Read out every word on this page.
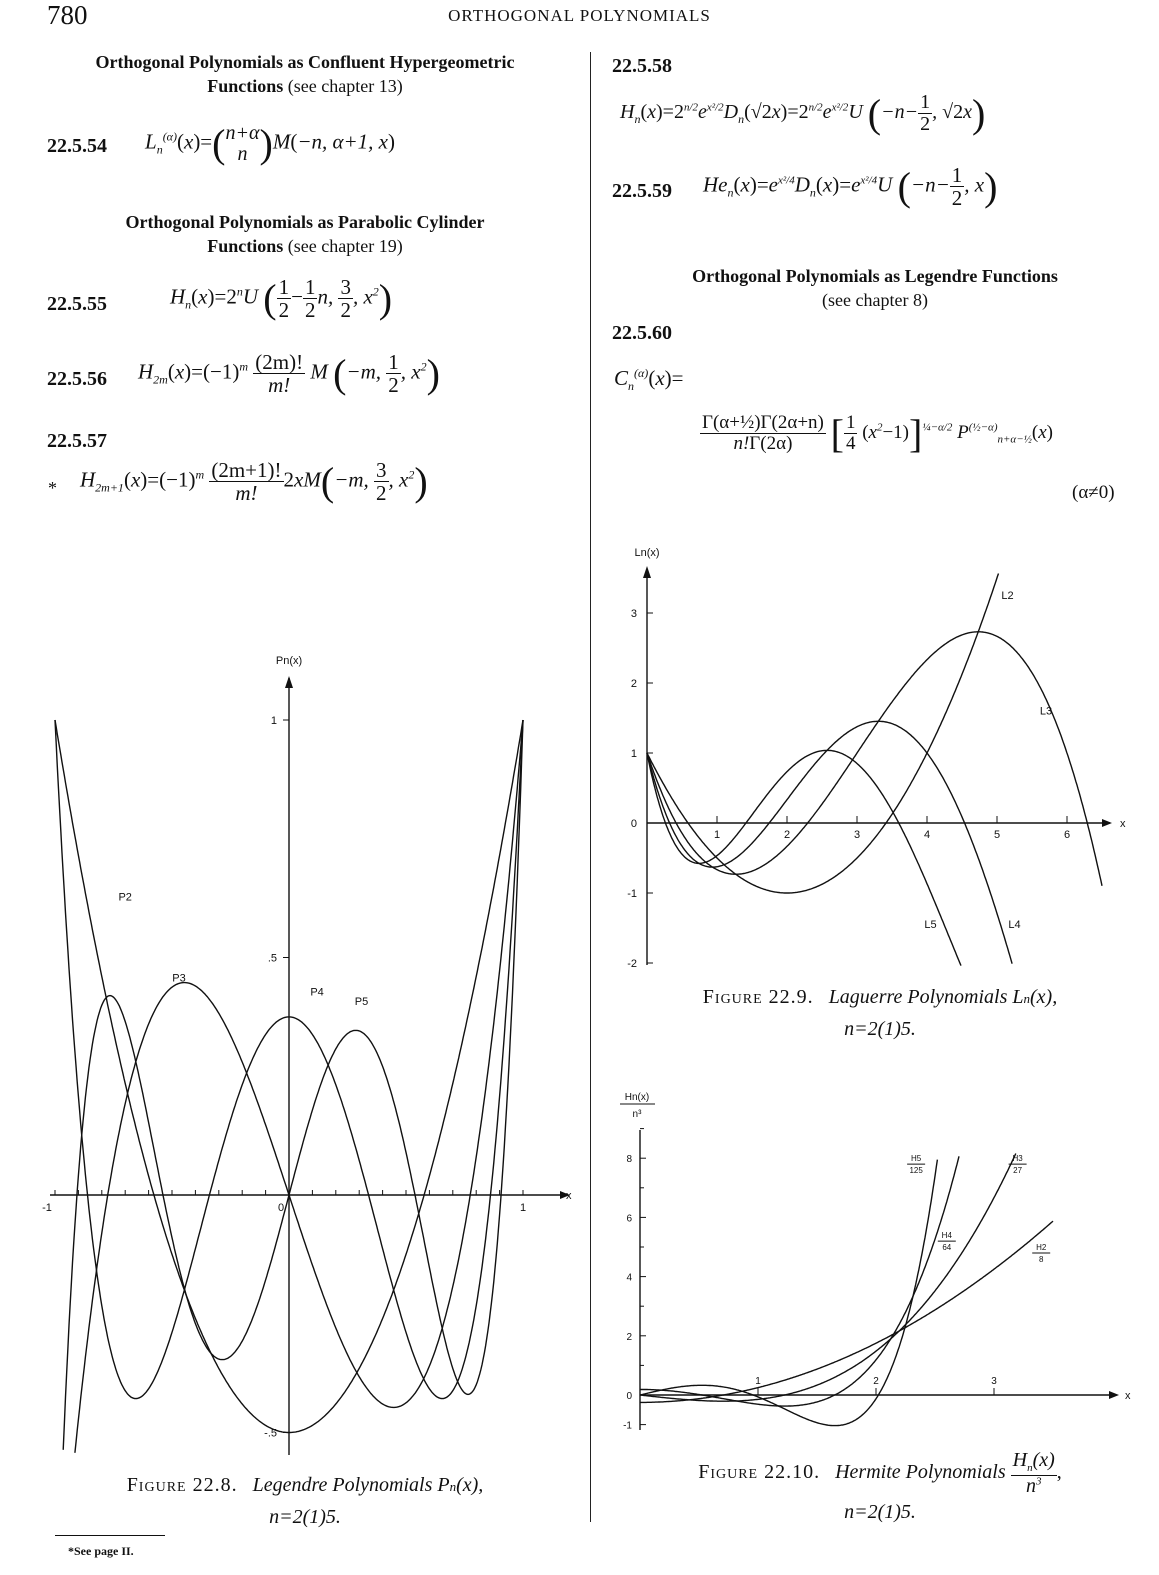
780	ORTHOGONAL POLYNOMIALS
Orthogonal Polynomials as Confluent Hypergeometric
Functions (see chapter 13)
22.5.54 $L_n^{(\alpha)}(x)=$( n+α
n )M(−n, α+1, x)
Orthogonal Polynomials as Parabolic Cylinder
Functions (see chapter 19)
22.5.55	$H_n(x)=2^nU$ ( $\frac{1}{2} - \frac{1}{2} n$, $\frac{3}{2}$ , $x^2$)
22.5.56 $H_{2m}(x)=(-1)^m \frac{(2m)!}{m!}$ M (−m, $\frac{1}{2}$ , $x^2$)
22.5.57
* $H_{2m+1}(x)=(-1)^m \frac{(2m+1)!}{m!} 2xM(-m$, $\frac{3}{2}$ , $x^2$)
22.5.58
$H_n(x)=2^{n/2}e^{x^2/2}D_n(√2x)=2^{n/2}e^{x^2/2}U$ ($-n- \frac{1}{2}$ , √2x)
22.5.59 $He_n(x)=e^{x^2/4}D_n(x)=e^{x^2/4}U$ ($-n- \frac{1}{2}$ , x)
Orthogonal Polynomials as Legendre Functions
(see chapter 8)
22.5.60
$C_n^{(\alpha)}(x)=$
$\frac{\text{Γ(α+½)Γ(2α+n)}}{n!\Gamma(2\alpha)}$ [ $\frac{1}{4} (x^2-1)]^{\frac{1}{4}-\alpha/2}$ $P^{(\frac{1}{2}-\alpha)}_{n+\alpha-\frac{1}{2}}(x)$
(α≠0)
Pn(x)
x
1
.5
-.5
-1	0	1
P2
P3
P4
P5
Figure 22.8. Legendre Polynomials Pn(x),
n=2(1)5.
Ln(x)
x
3
2
1
0
-1
-2
1	2	3	4	5	6
L2
L3
L4
L5
Figure 22.9. Laguerre Polynomials Ln(x),
n=2(1)5.
Hn(x)
n³
x
8
6
4
2
0
-1
1	2	3
H5
125
H3
27
H4
64	H2
8
Figure 22.10. Hermite Polynomials $\frac{H_n(x)}{n^3}$ ,
n=2(1)5.
*See page II.
